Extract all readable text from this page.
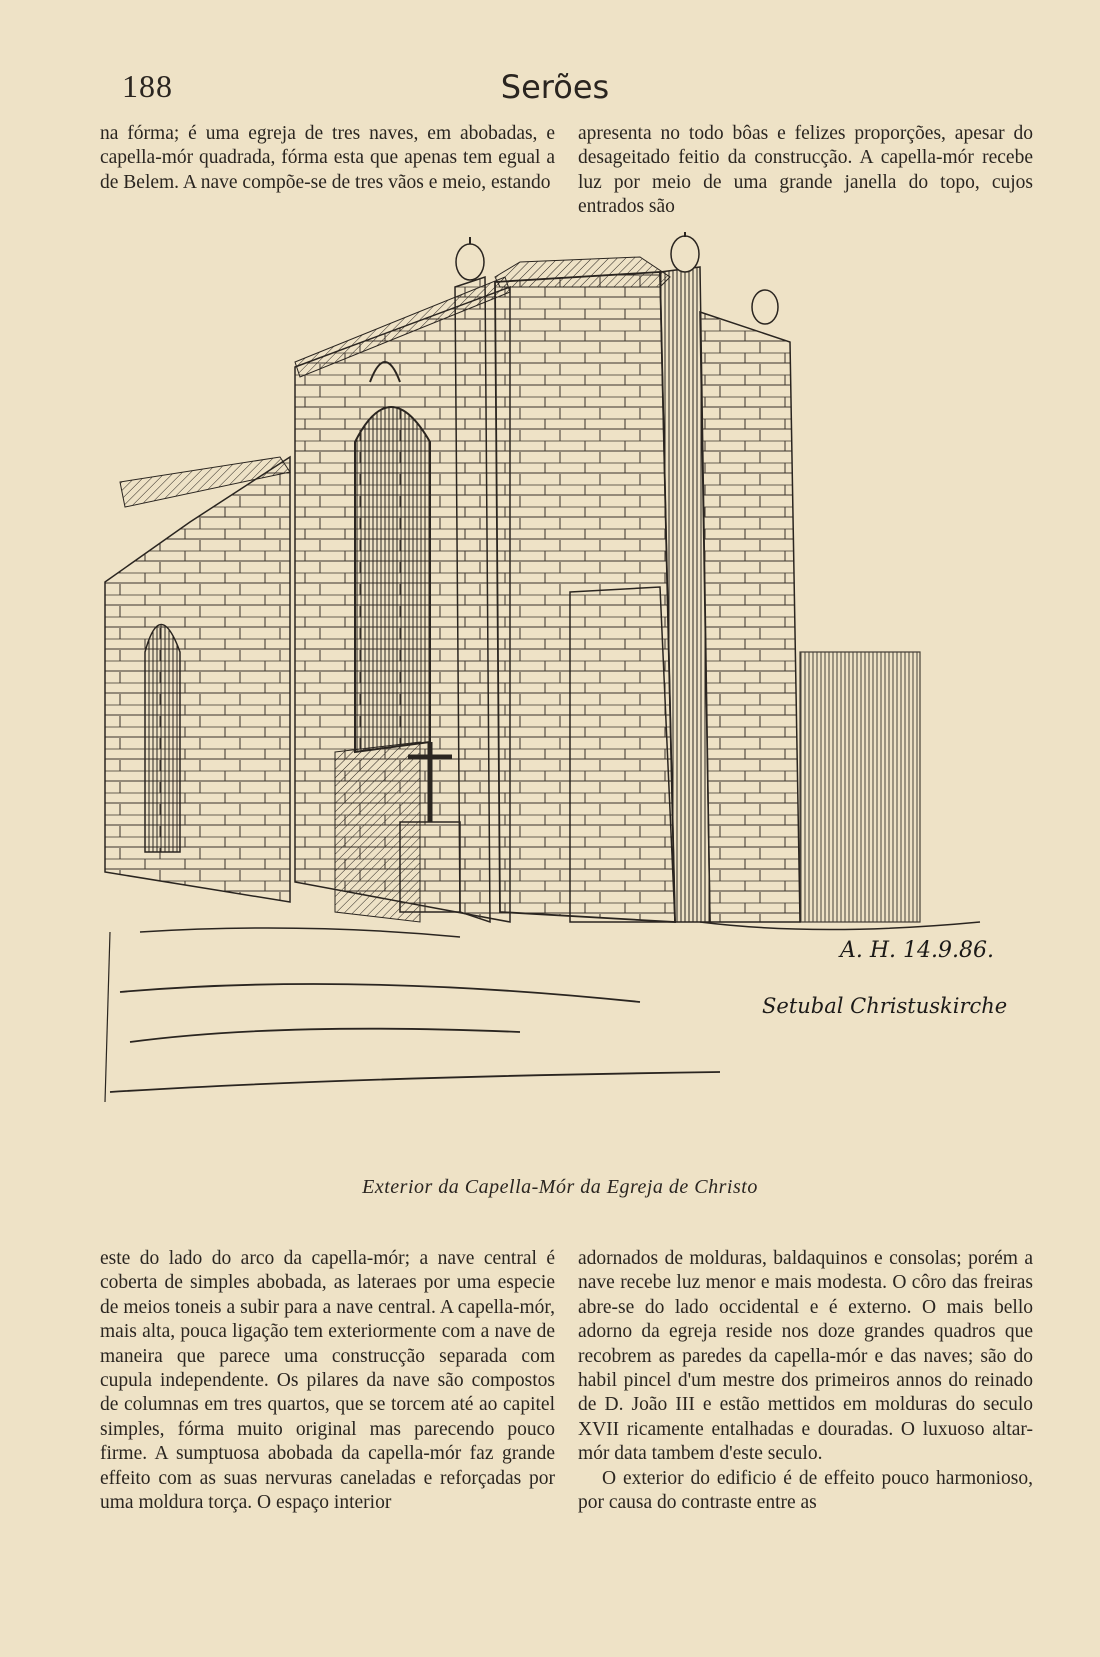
188	Serões

na fórma; é uma egreja de tres naves, em abobadas, e capella-mór quadrada, fórma esta que apenas tem egual a de Belem. A nave compõe-se de tres vãos e meio, estando

apresenta no todo bôas e felizes proporções, apesar do desageitado feitio da construcção. A capella-mór recebe luz por meio de uma grande janella do topo, cujos entrados são

A. H. 14.9.86.
Setubal Christuskirche
Exterior da Capella-Mór da Egreja de Christo

este do lado do arco da capella-mór; a nave central é coberta de simples abobada, as lateraes por uma especie de meios toneis a subir para a nave central. A capella-mór, mais alta, pouca ligação tem exteriormente com a nave de maneira que parece uma construcção separada com cupula independente. Os pilares da nave são compostos de columnas em tres quartos, que se torcem até ao capitel simples, fórma muito original mas parecendo pouco firme. A sumptuosa abobada da capella-mór faz grande effeito com as suas nervuras caneladas e reforçadas por uma moldura torça. O espaço interior

adornados de molduras, baldaquinos e consolas; porém a nave recebe luz menor e mais modesta. O côro das freiras abre-se do lado occidental e é externo. O mais bello adorno da egreja reside nos doze grandes quadros que recobrem as paredes da capella-mór e das naves; são do habil pincel d'um mestre dos primeiros annos do reinado de D. João III e estão mettidos em molduras do seculo XVII ricamente entalhadas e douradas. O luxuoso altar-mór data tambem d'este seculo.

O exterior do edificio é de effeito pouco harmonioso, por causa do contraste entre as
